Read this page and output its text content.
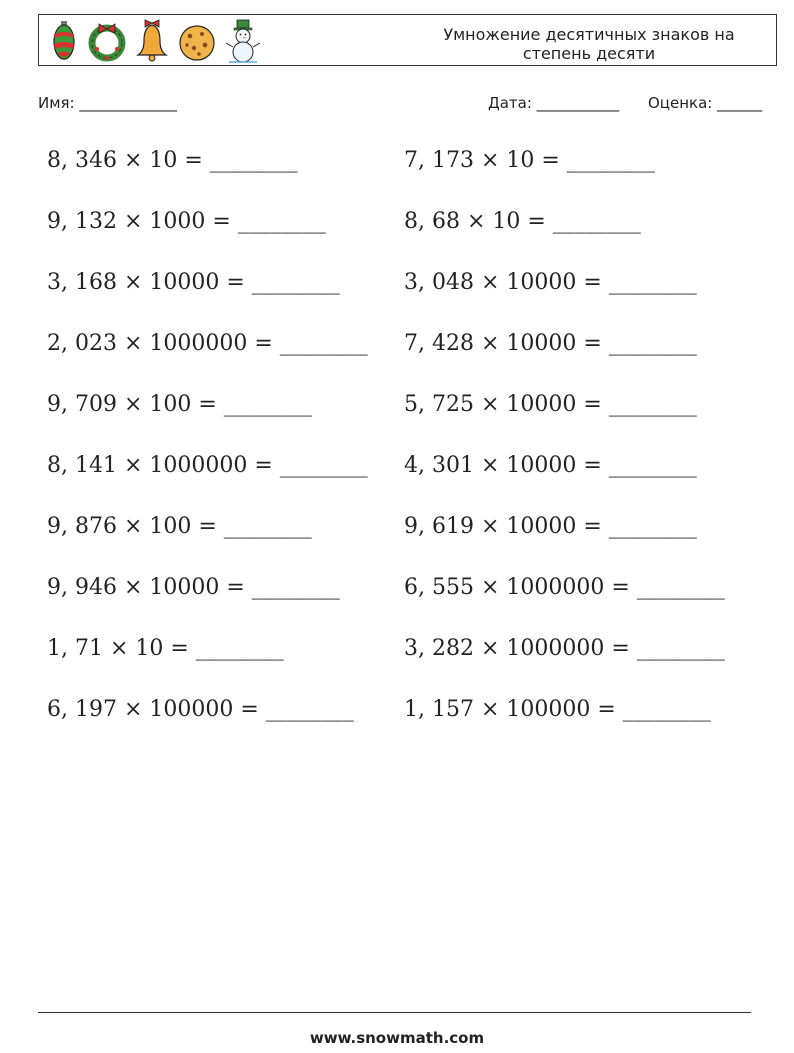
Умножение десятичных знаков на степень десяти
Имя: _____________	Дата: ___________ Оценка: ______
8, 346 × 10 = ________
9, 132 × 1000 = ________
3, 168 × 10000 = ________
2, 023 × 1000000 = ________
9, 709 × 100 = ________
8, 141 × 1000000 = ________
9, 876 × 100 = ________
9, 946 × 10000 = ________
1, 71 × 10 = ________
6, 197 × 100000 = ________
7, 173 × 10 = ________
8, 68 × 10 = ________
3, 048 × 10000 = ________
7, 428 × 10000 = ________
5, 725 × 10000 = ________
4, 301 × 10000 = ________
9, 619 × 10000 = ________
6, 555 × 1000000 = ________
3, 282 × 1000000 = ________
1, 157 × 100000 = ________
www.snowmath.com
